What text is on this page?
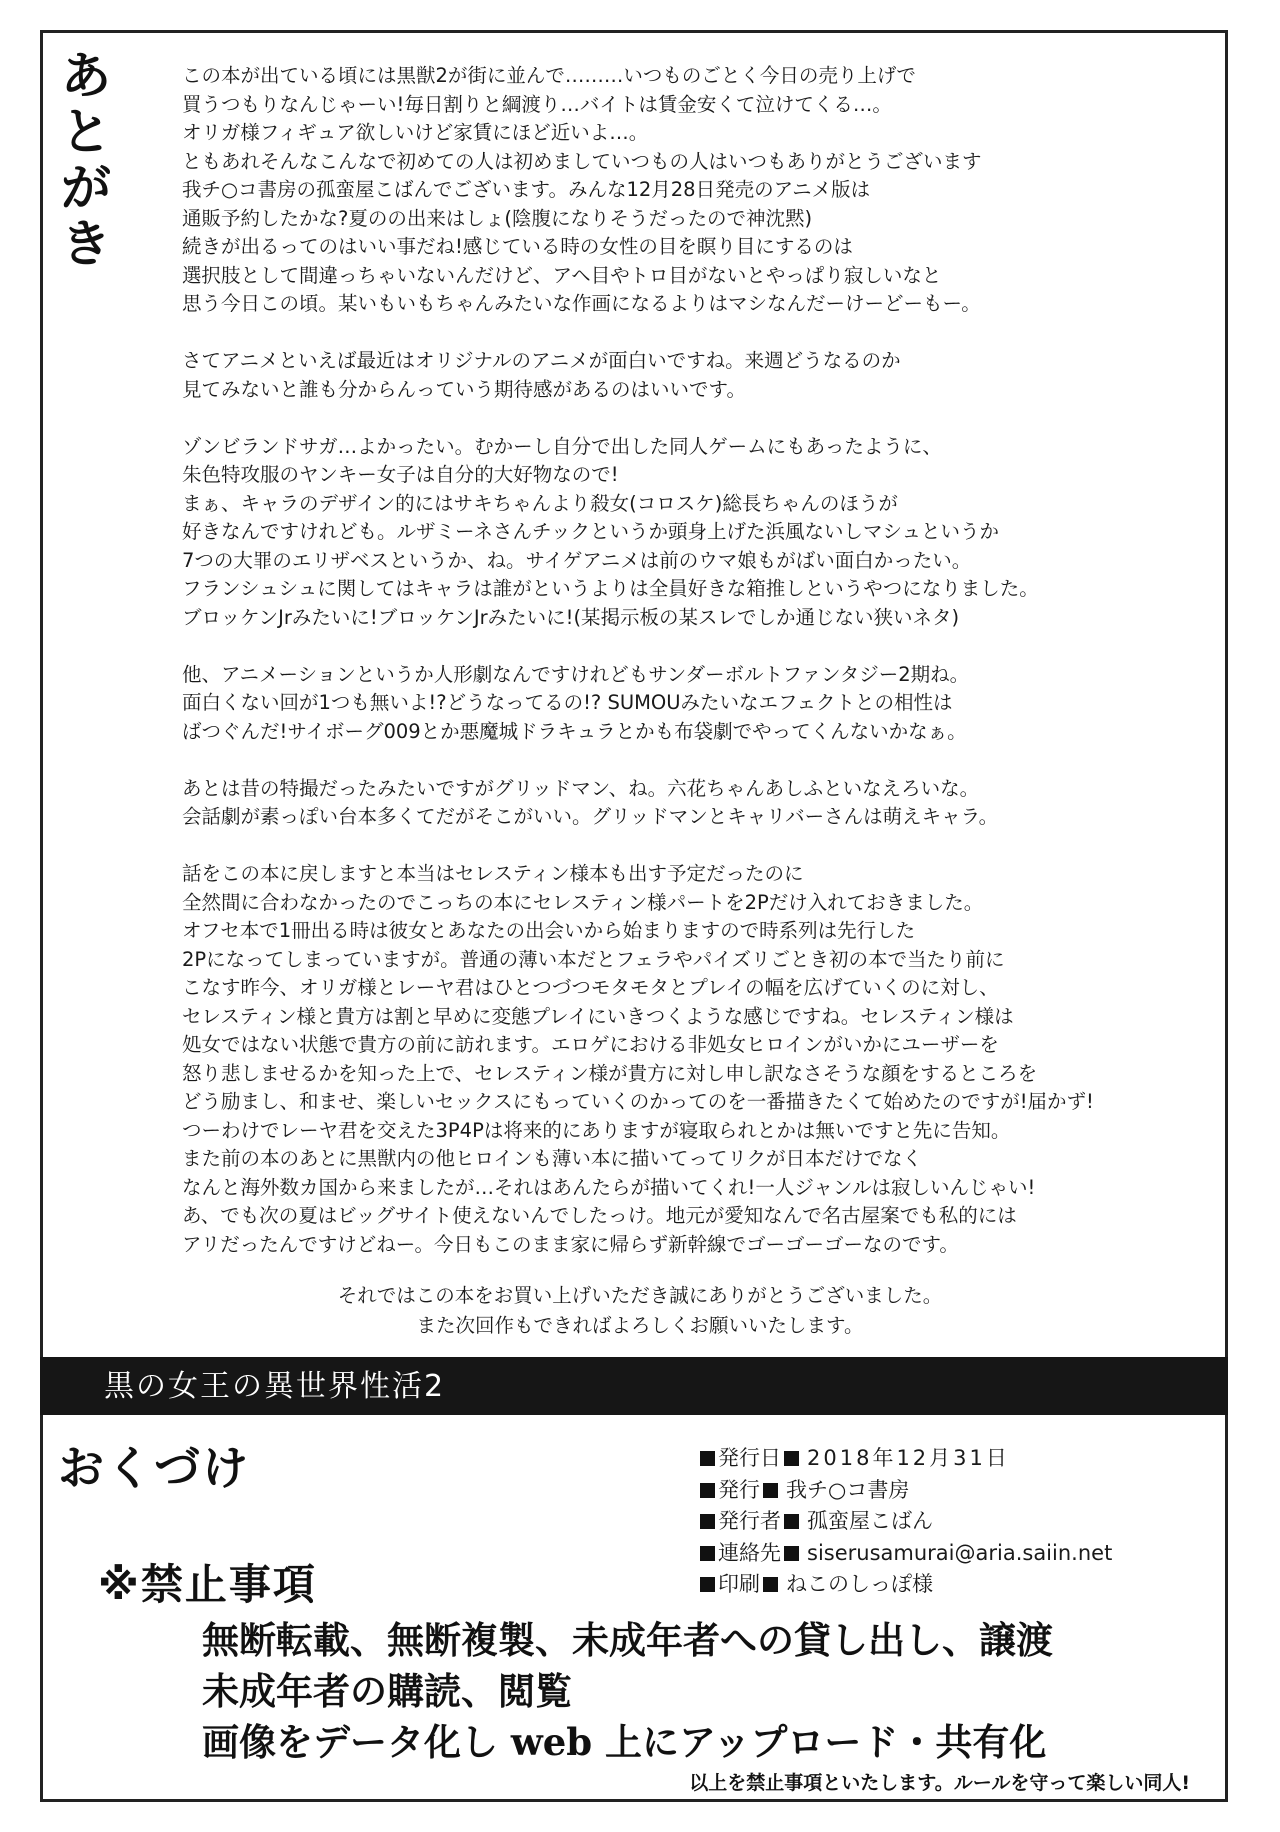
あ
と
が
き
この本が出ている頃には黒獣2が街に並んで………いつものごとく今日の売り上げで
買うつもりなんじゃーい!毎日割りと綱渡り…バイトは賃金安くて泣けてくる…。
オリガ様フィギュア欲しいけど家賃にほど近いよ…。
ともあれそんなこんなで初めての人は初めましていつもの人はいつもありがとうございます
我チ○コ書房の孤蛮屋こばんでございます。みんな12月28日発売のアニメ版は
通販予約したかな?夏のの出来はしょ(陰腹になりそうだったので神沈黙)
続きが出るってのはいい事だね!感じている時の女性の目を瞑り目にするのは
選択肢として間違っちゃいないんだけど、アヘ目やトロ目がないとやっぱり寂しいなと
思う今日この頃。某いもいもちゃんみたいな作画になるよりはマシなんだーけーどーもー。
さてアニメといえば最近はオリジナルのアニメが面白いですね。来週どうなるのか
見てみないと誰も分からんっていう期待感があるのはいいです。
ゾンビランドサガ…よかったい。むかーし自分で出した同人ゲームにもあったように、
朱色特攻服のヤンキー女子は自分的大好物なので!
まぁ、キャラのデザイン的にはサキちゃんより殺女(コロスケ)総長ちゃんのほうが
好きなんですけれども。ルザミーネさんチックというか頭身上げた浜風ないしマシュというか
7つの大罪のエリザベスというか、ね。サイゲアニメは前のウマ娘もがばい面白かったい。
フランシュシュに関してはキャラは誰がというよりは全員好きな箱推しというやつになりました。
ブロッケンJrみたいに!ブロッケンJrみたいに!(某掲示板の某スレでしか通じない狭いネタ)
他、アニメーションというか人形劇なんですけれどもサンダーボルトファンタジー2期ね。
面白くない回が1つも無いよ!?どうなってるの!? SUMOUみたいなエフェクトとの相性は
ばつぐんだ!サイボーグ009とか悪魔城ドラキュラとかも布袋劇でやってくんないかなぁ。
あとは昔の特撮だったみたいですがグリッドマン、ね。六花ちゃんあしふといなえろいな。
会話劇が素っぽい台本多くてだがそこがいい。グリッドマンとキャリバーさんは萌えキャラ。
話をこの本に戻しますと本当はセレスティン様本も出す予定だったのに
全然間に合わなかったのでこっちの本にセレスティン様パートを2Pだけ入れておきました。
オフセ本で1冊出る時は彼女とあなたの出会いから始まりますので時系列は先行した
2Pになってしまっていますが。普通の薄い本だとフェラやパイズリごとき初の本で当たり前に
こなす昨今、オリガ様とレーヤ君はひとつづつモタモタとプレイの幅を広げていくのに対し、
セレスティン様と貴方は割と早めに変態プレイにいきつくような感じですね。セレスティン様は
処女ではない状態で貴方の前に訪れます。エロゲにおける非処女ヒロインがいかにユーザーを
怒り悲しませるかを知った上で、セレスティン様が貴方に対し申し訳なさそうな顔をするところを
どう励まし、和ませ、楽しいセックスにもっていくのかってのを一番描きたくて始めたのですが!届かず!
つーわけでレーヤ君を交えた3P4Pは将来的にありますが寝取られとかは無いですと先に告知。
また前の本のあとに黒獣内の他ヒロインも薄い本に描いてってリクが日本だけでなく
なんと海外数カ国から来ましたが…それはあんたらが描いてくれ!一人ジャンルは寂しいんじゃい!
あ、でも次の夏はビッグサイト使えないんでしたっけ。地元が愛知なんで名古屋案でも私的には
アリだったんですけどねー。今日もこのまま家に帰らず新幹線でゴーゴーゴーなのです。
それではこの本をお買い上げいただき誠にありがとうございました。
また次回作もできればよろしくお願いいたします。
黒の女王の異世界性活2
おくづけ	発行日 2018年12月31日
発行 我チ○コ書房
発行者 孤蛮屋こばん
連絡先 siserusamurai@aria.saiin.net
印刷 ねこのしっぽ様
※禁止事項
無断転載、無断複製、未成年者への貸し出し、譲渡
未成年者の購読、閲覧
画像をデータ化し web 上にアップロード・共有化
以上を禁止事項といたします。ルールを守って楽しい同人!
